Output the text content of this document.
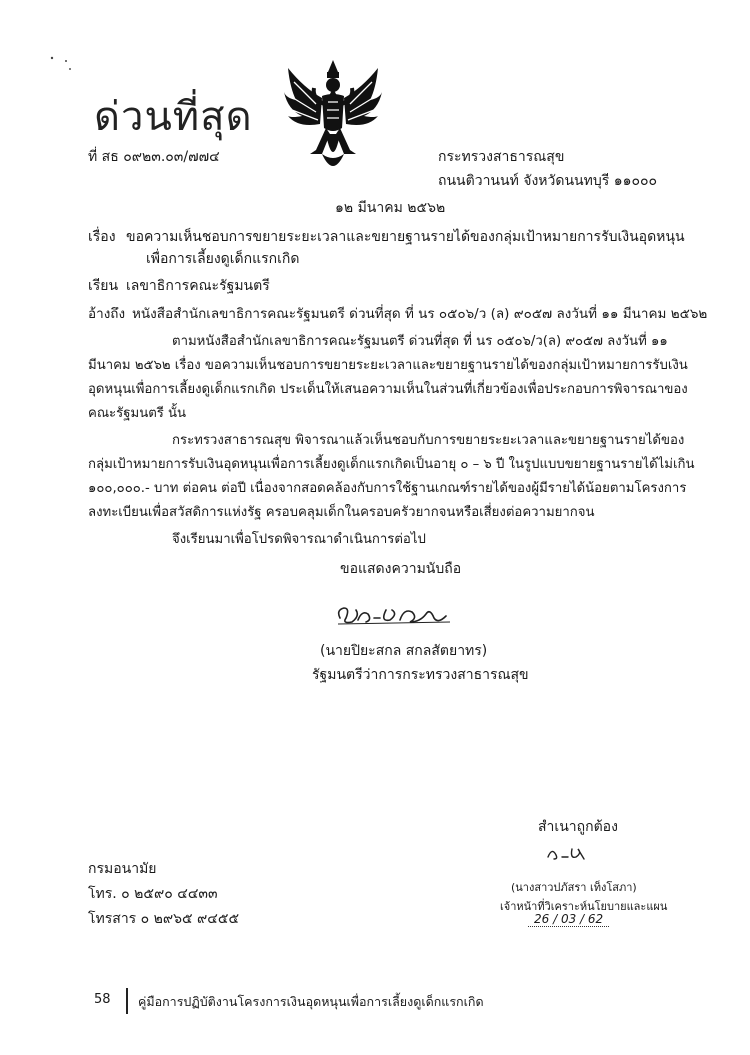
ด่วนที่สุด
ที่ สธ ๐๙๒๓.๐๓/๗๗๔	กระทรวงสาธารณสุข
ถนนติวานนท์ จังหวัดนนทบุรี ๑๑๐๐๐
๑๒ มีนาคม ๒๕๖๒
เรื่อง ขอความเห็นชอบการขยายระยะเวลาและขยายฐานรายได้ของกลุ่มเป้าหมายการรับเงินอุดหนุน
เพื่อการเลี้ยงดูเด็กแรกเกิด
เรียน เลขาธิการคณะรัฐมนตรี
อ้างถึง หนังสือสำนักเลขาธิการคณะรัฐมนตรี ด่วนที่สุด ที่ นร ๐๕๐๖/ว (ล) ๙๐๕๗ ลงวันที่ ๑๑ มีนาคม ๒๕๖๒
ตามหนังสือสำนักเลขาธิการคณะรัฐมนตรี ด่วนที่สุด ที่ นร ๐๕๐๖/ว(ล) ๙๐๕๗ ลงวันที่ ๑๑
มีนาคม ๒๕๖๒ เรื่อง ขอความเห็นชอบการขยายระยะเวลาและขยายฐานรายได้ของกลุ่มเป้าหมายการรับเงิน
อุดหนุนเพื่อการเลี้ยงดูเด็กแรกเกิด ประเด็นให้เสนอความเห็นในส่วนที่เกี่ยวข้องเพื่อประกอบการพิจารณาของ
คณะรัฐมนตรี นั้น
กระทรวงสาธารณสุข พิจารณาแล้วเห็นชอบกับการขยายระยะเวลาและขยายฐานรายได้ของ
กลุ่มเป้าหมายการรับเงินอุดหนุนเพื่อการเลี้ยงดูเด็กแรกเกิดเป็นอายุ ๐ – ๖ ปี ในรูปแบบขยายฐานรายได้ไม่เกิน
๑๐๐,๐๐๐.- บาท ต่อคน ต่อปี เนื่องจากสอดคล้องกับการใช้ฐานเกณฑ์รายได้ของผู้มีรายได้น้อยตามโครงการ
ลงทะเบียนเพื่อสวัสดิการแห่งรัฐ ครอบคลุมเด็กในครอบครัวยากจนหรือเสี่ยงต่อความยากจน
จึงเรียนมาเพื่อโปรดพิจารณาดำเนินการต่อไป
ขอแสดงความนับถือ
(นายปิยะสกล สกลสัตยาทร)
รัฐมนตรีว่าการกระทรวงสาธารณสุข
สำเนาถูกต้อง
(นางสาวปภัสรา เท็งโสภา)
เจ้าหน้าที่วิเคราะห์นโยบายและแผน
26 / 03 / 62
กรมอนามัย
โทร. ๐ ๒๕๙๐ ๔๔๓๓
โทรสาร ๐ ๒๙๖๕ ๙๔๕๕
58 คู่มือการปฏิบัติงานโครงการเงินอุดหนุนเพื่อการเลี้ยงดูเด็กแรกเกิด
